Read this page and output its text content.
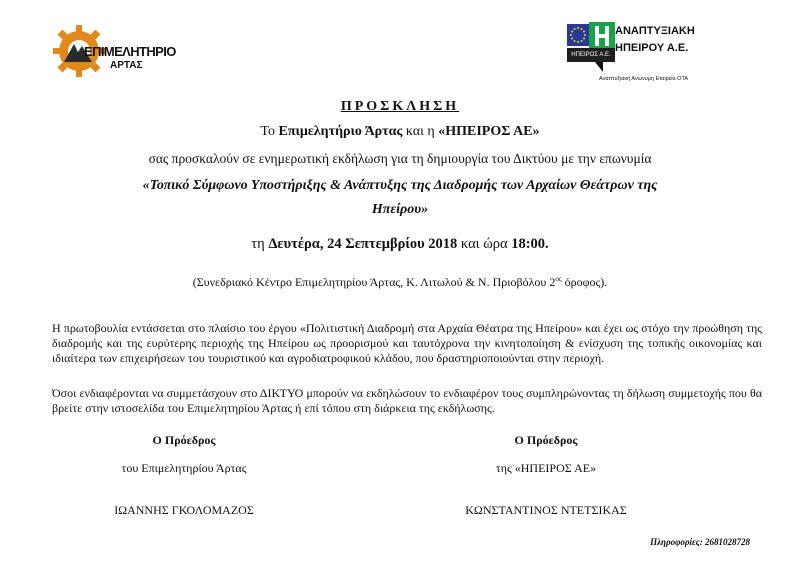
ΕΠΙΜΕΛΗΤΗΡΙΟ
ΑΡΤΑΣ
ΗΠΕΙΡΟΣ Α.Ε.
ΑΝΑΠΤΥΞΙΑΚΗ
ΗΠΕΙΡΟΥ Α.Ε.
Αναπτυξιακή Ανώνυμη Εταιρεία ΟΤΑ
ΠΡΟΣΚΛΗΣΗ
Το Επιμελητήριο Άρτας και η «ΗΠΕΙΡΟΣ ΑΕ»
σας προσκαλούν σε ενημερωτική εκδήλωση για τη δημιουργία του Δικτύου με την επωνυμία
«Τοπικό Σύμφωνο Υποστήριξης & Ανάπτυξης της Διαδρομής των Αρχαίων Θεάτρων της
Ηπείρου»
τη Δευτέρα, 24 Σεπτεμβρίου 2018 και ώρα 18:00.
(Συνεδριακό Κέντρο Επιμελητηρίου Άρτας, Κ. Λιτωλού & Ν. Πριοβόλου $2^{o\varsigma}$ όροφος).
Η πρωτοβουλία εντάσσεται στο πλαίσιο του έργου «Πολιτιστική Διαδρομή στα Αρχαία Θέατρα της Ηπείρου» και έχει ως στόχο την προώθηση της διαδρομής και της ευρύτερης περιοχής της Ηπείρου ως προορισμού και ταυτόχρονα την κινητοποίηση & ενίσχυση της τοπικής οικονομίας και ιδιαίτερα των επιχειρήσεων του τουριστικού και αγροδιατροφικού κλάδου, που δραστηριοποιούνται στην περιοχή.
Όσοι ενδιαφέρονται να συμμετάσχουν στο ΔΙΚΤΥΟ μπορούν να εκδηλώσουν το ενδιαφέρον τους συμπληρώνοντας τη δήλωση συμμετοχής που θα βρείτε στην ιστοσελίδα του Επιμελητηρίου Άρτας ή επί τόπου στη διάρκεια της εκδήλωσης.
Ο Πρόεδρος	Ο Πρόεδρος
του Επιμελητηρίου Άρτας	της «ΗΠΕΙΡΟΣ ΑΕ»
ΙΩΑΝΝΗΣ ΓΚΟΛΟΜΑΖΟΣ	ΚΩΝΣΤΑΝΤΙΝΟΣ ΝΤΕΤΣΙΚΑΣ
Πληροφορίες: 2681028728
